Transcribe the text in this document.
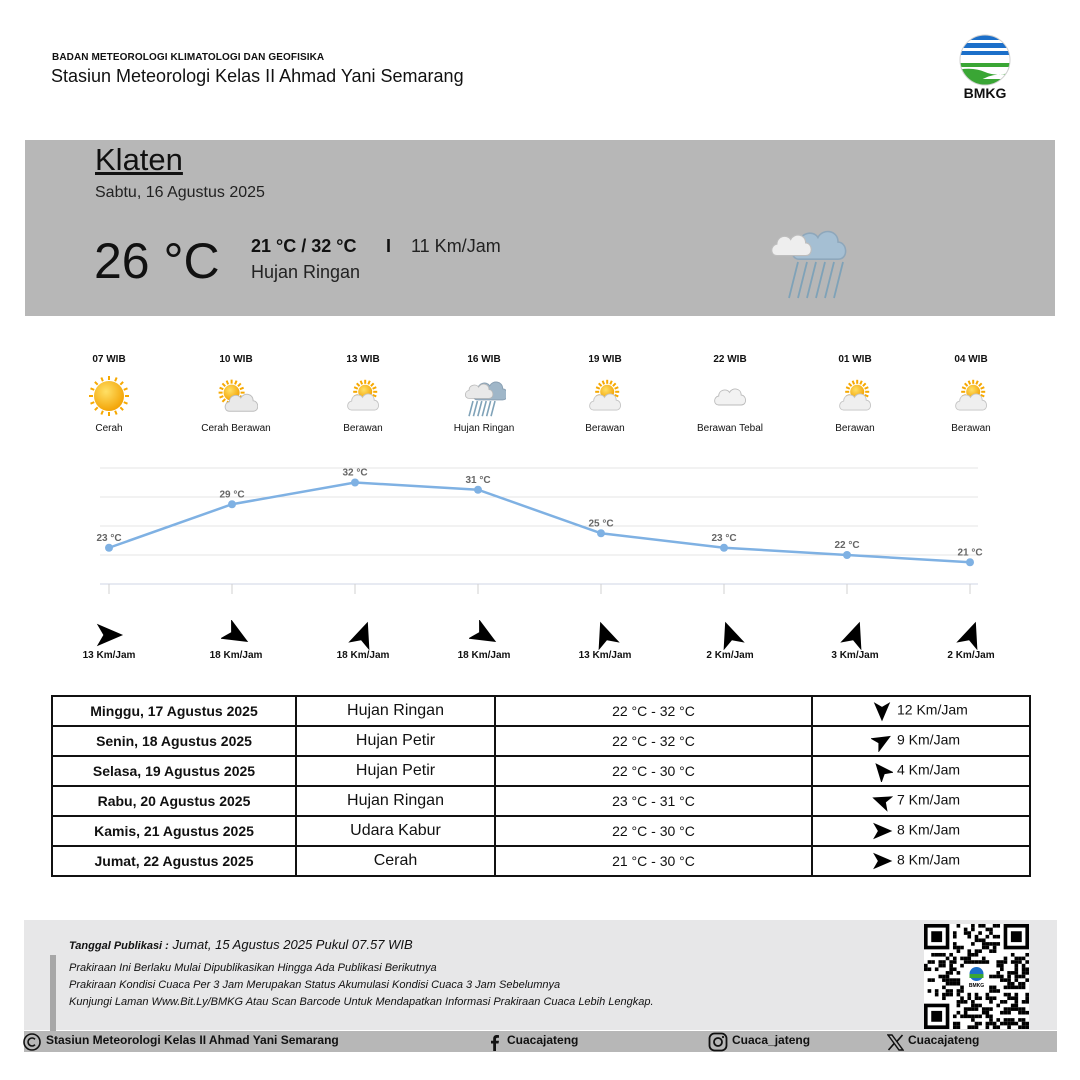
BADAN METEOROLOGI KLIMATOLOGI DAN GEOFISIKA
Stasiun Meteorologi Kelas II Ahmad Yani Semarang
BMKG
Klaten
Sabtu, 16 Agustus 2025
26 °C 21 °C / 32 °C I 11 Km/Jam
Hujan Ringan
07 WIB
Cerah
13 Km/Jam
10 WIB
Cerah Berawan
18 Km/Jam
13 WIB
Berawan
18 Km/Jam
16 WIB
Hujan Ringan
18 Km/Jam
19 WIB
Berawan
13 Km/Jam
22 WIB
Berawan Tebal
2 Km/Jam
01 WIB
Berawan
3 Km/Jam
04 WIB
Berawan
2 Km/Jam
23 °C
29 °C
32 °C
31 °C
25 °C
23 °C
22 °C
21 °C
Minggu, 17 Agustus 2025	Hujan Ringan	22 °C - 32 °C	12 Km/Jam
Senin, 18 Agustus 2025	Hujan Petir	22 °C - 32 °C	9 Km/Jam
Selasa, 19 Agustus 2025	Hujan Petir	22 °C - 30 °C	4 Km/Jam
Rabu, 20 Agustus 2025	Hujan Ringan	23 °C - 31 °C	7 Km/Jam
Kamis, 21 Agustus 2025	Udara Kabur	22 °C - 30 °C	8 Km/Jam
Jumat, 22 Agustus 2025	Cerah	21 °C - 30 °C	8 Km/Jam
Tanggal Publikasi : Jumat, 15 Agustus 2025 Pukul 07.57 WIB
Prakiraan Ini Berlaku Mulai Dipublikasikan Hingga Ada Publikasi Berikutnya
Prakiraan Kondisi Cuaca Per 3 Jam Merupakan Status Akumulasi Kondisi Cuaca 3 Jam Sebelumnya
Kunjungi Laman Www.Bit.Ly/BMKG Atau Scan Barcode Untuk Mendapatkan Informasi Prakiraan Cuaca Lebih Lengkap.
BMKG
Stasiun Meteorologi Kelas II Ahmad Yani Semarang	Cuacajateng	Cuaca_jateng	Cuacajateng
